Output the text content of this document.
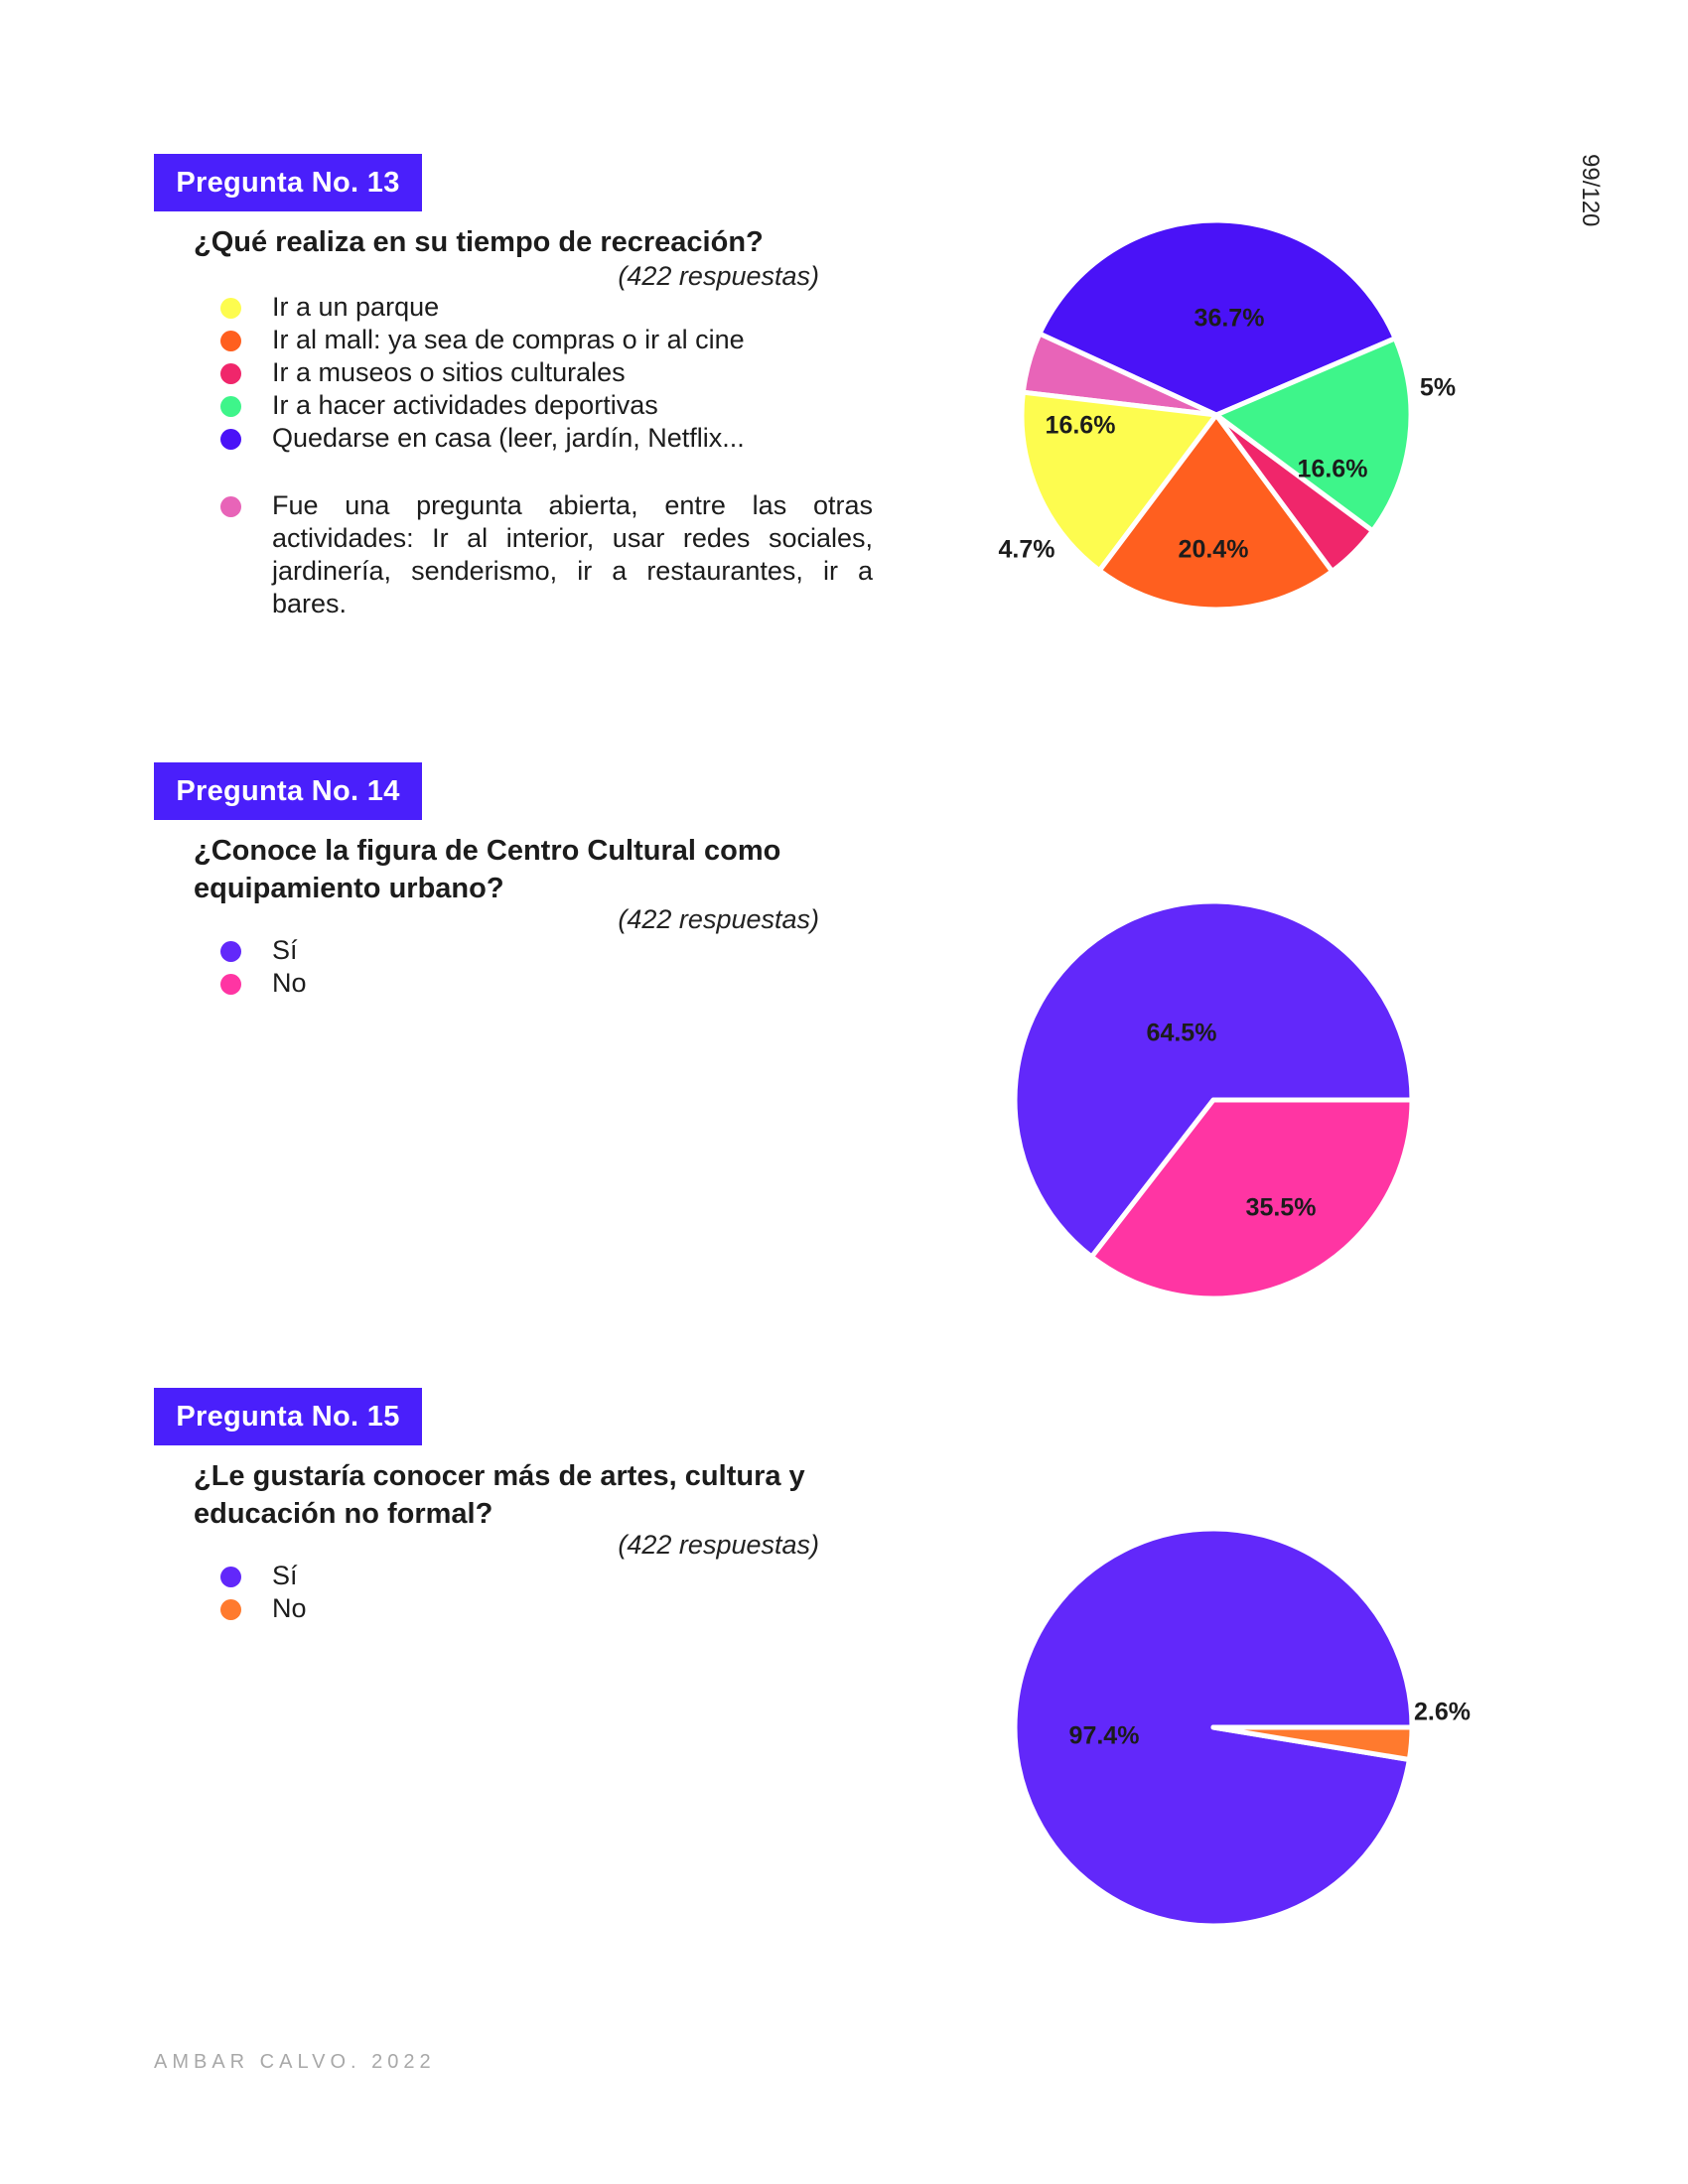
99/120
Pregunta No. 13

¿Qué realiza en su tiempo de recreación?

(422 respuestas)
Ir a un parque
Ir al mall: ya sea de compras o ir al cine
Ir a museos o sitios culturales
Ir a hacer actividades deportivas
Quedarse en casa (leer, jardín, Netflix...
Fue una pregunta abierta, entre las otras actividades: Ir al interior, usar redes sociales, jardinería, senderismo, ir a restaurantes, ir a bares.
36.7%
5%
16.6%
20.4%
4.7%
16.6%
Pregunta No. 14

¿Conoce la figura de Centro Cultural como equipamiento urbano?

(422 respuestas)
Sí
No
64.5%
35.5%
Pregunta No. 15

¿Le gustaría conocer más de artes, cultura y educación no formal?

(422 respuestas)
Sí
No
97.4%
2.6%
AMBAR CALVO. 2022
